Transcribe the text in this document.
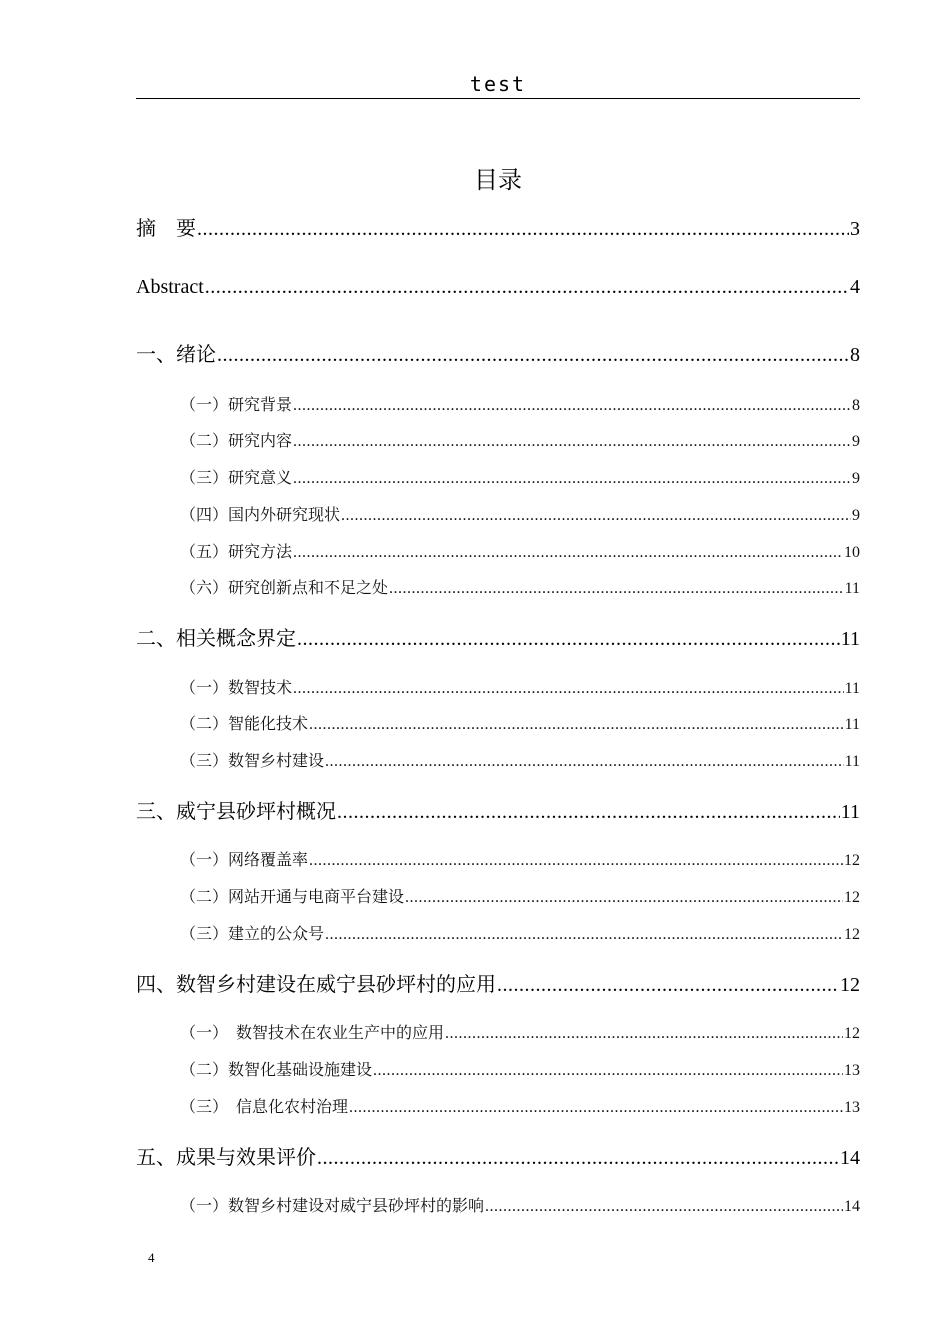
test
目录
摘　要 .....	3
Abstract .....	4
一、绪论 .....	8
（一）研究背景 .....	8
（二）研究内容 .....	9
（三）研究意义 .....	9
（四）国内外研究现状 .....	9
（五）研究方法 .....	10
（六）研究创新点和不足之处 .....	11
二、相关概念界定 .....	11
（一）数智技术 .....	11
（二）智能化技术 .....	11
（三）数智乡村建设 .....	11
三、威宁县砂坪村概况 .....	11
（一）网络覆盖率 .....	12
（二）网站开通与电商平台建设 .....	12
（三）建立的公众号 .....	12
四、数智乡村建设在威宁县砂坪村的应用 .....	12
（一）　数智技术在农业生产中的应用 .....	12
（二）数智化基础设施建设 .....	13
（三）　信息化农村治理 .....	13
五、成果与效果评价 .....	14
（一）数智乡村建设对威宁县砂坪村的影响 .....	14
4
